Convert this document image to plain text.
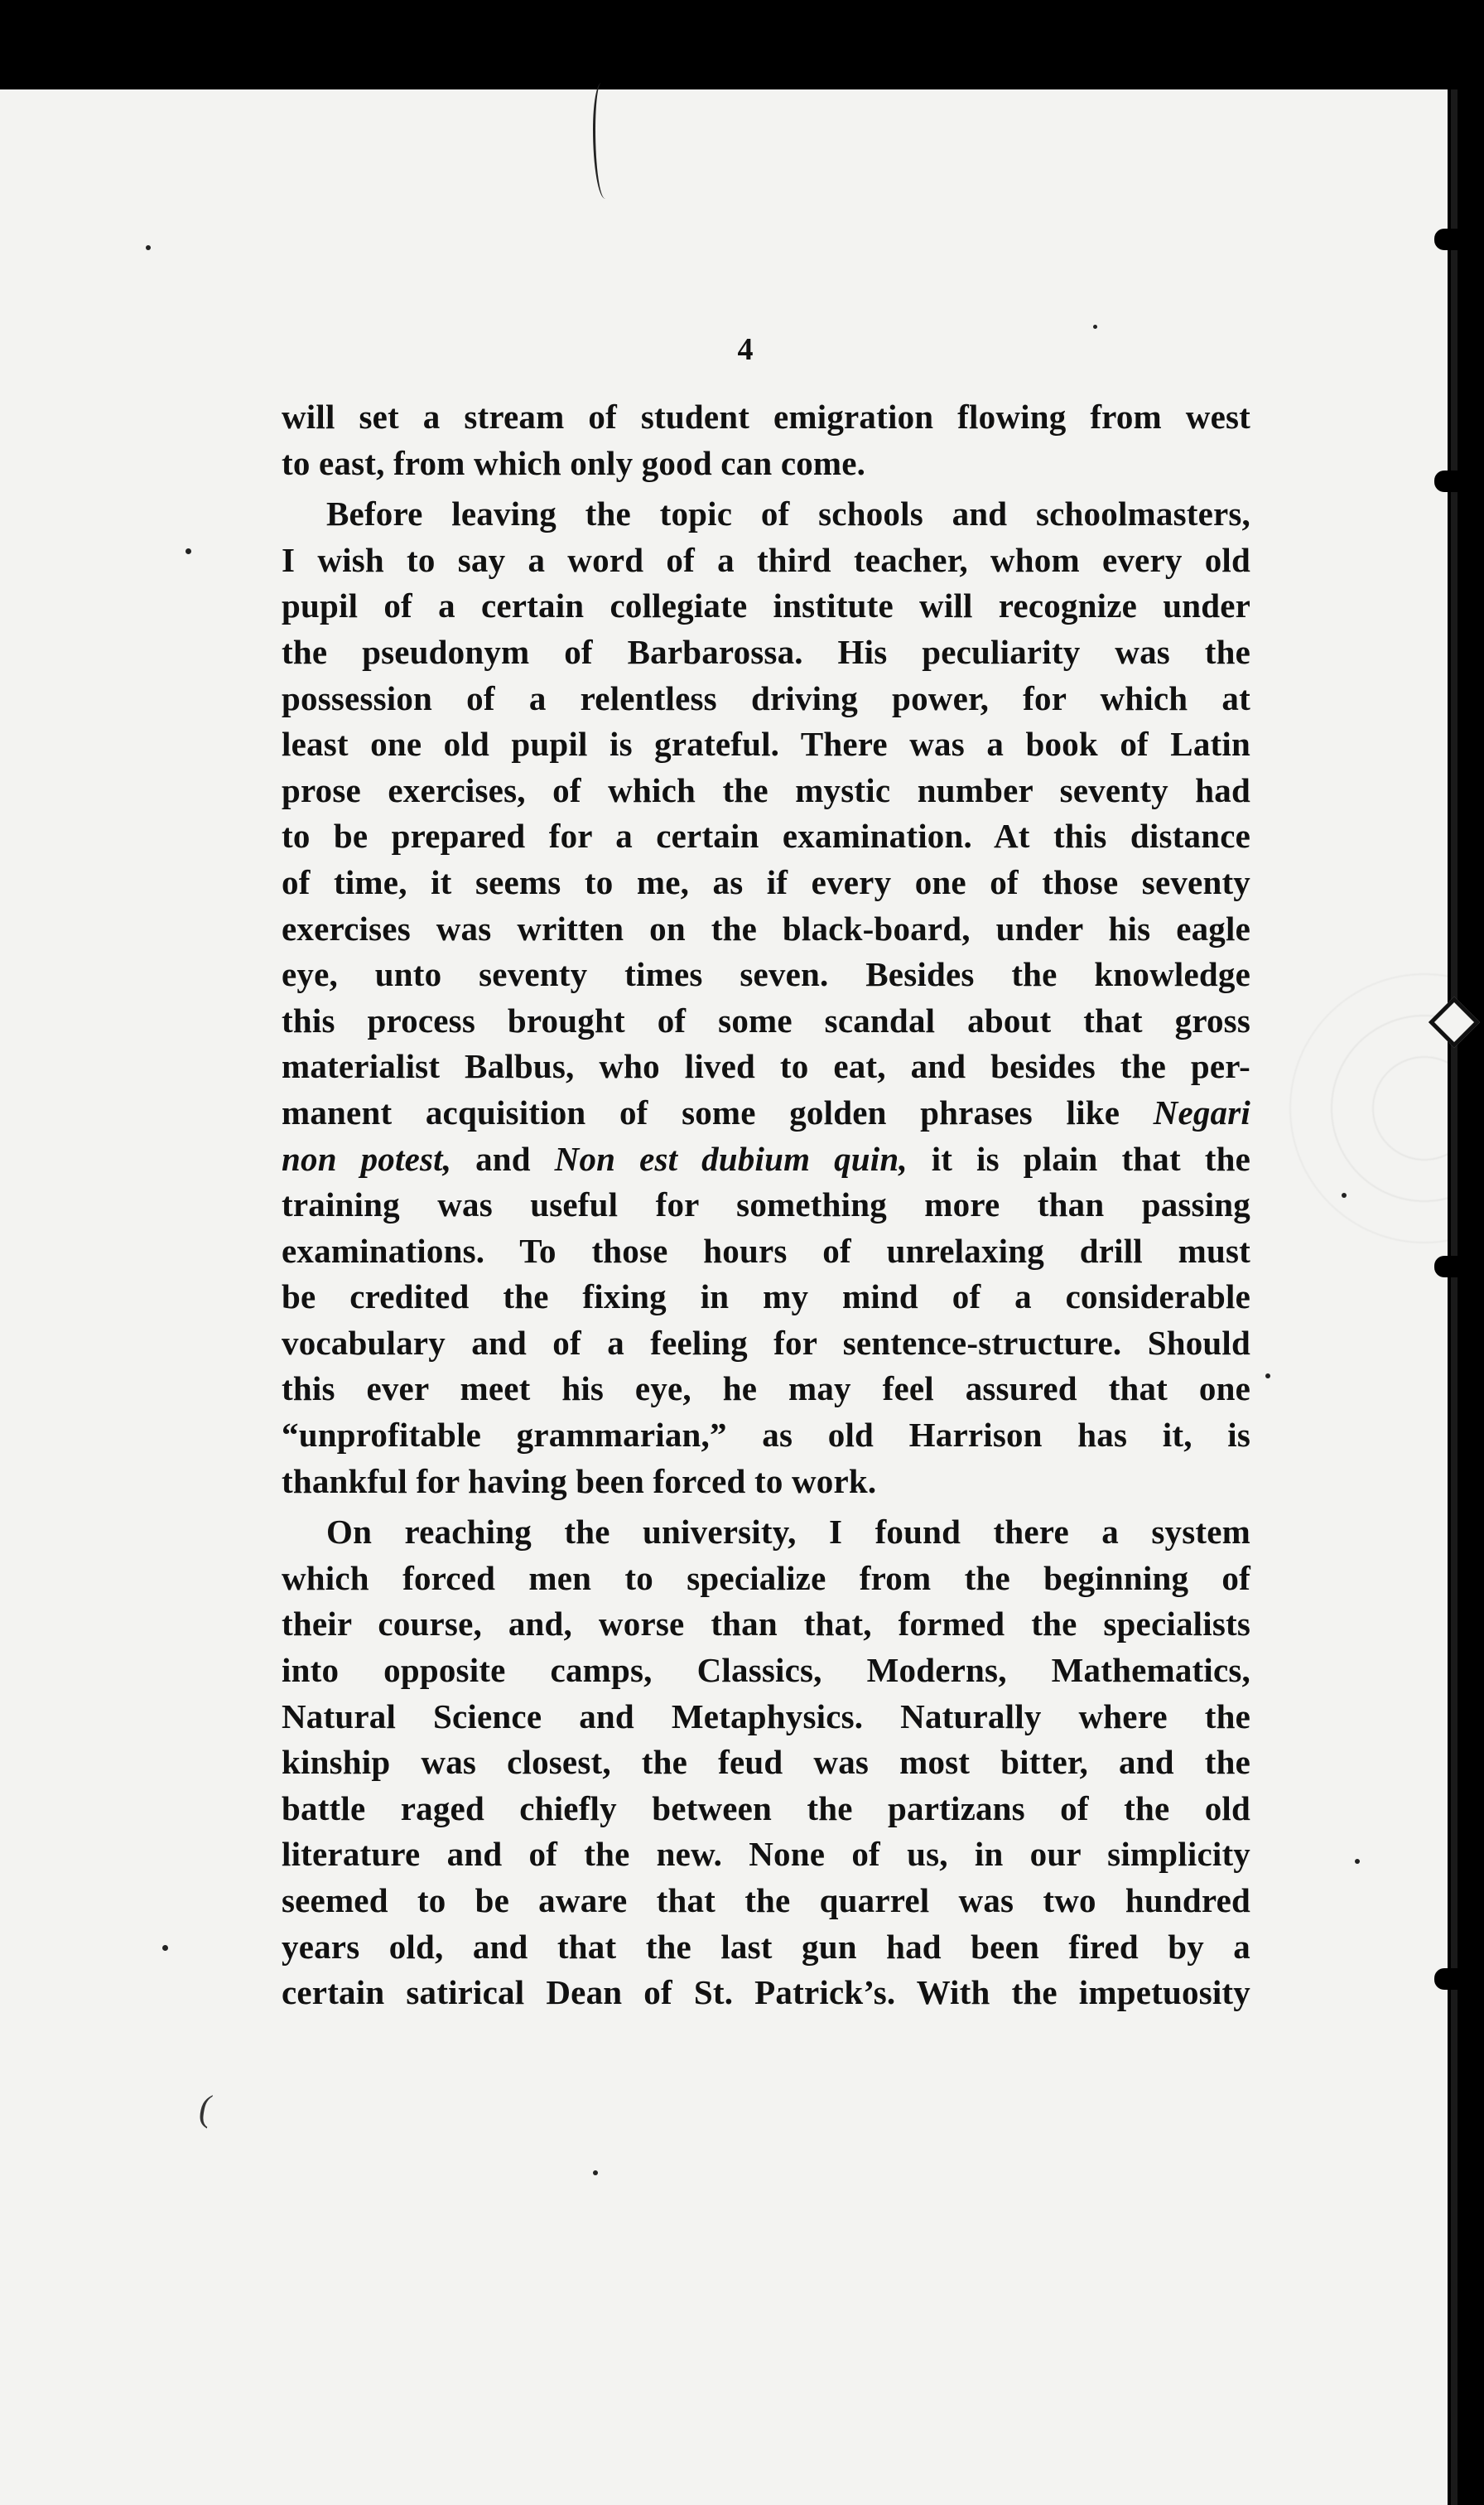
4

will set a stream of student emigration flowing from west
to east, from which only good can come.

Before leaving the topic of schools and schoolmasters,
I wish to say a word of a third teacher, whom every old
pupil of a certain collegiate institute will recognize under
the pseudonym of Barbarossa. His peculiarity was the
possession of a relentless driving power, for which at
least one old pupil is grateful. There was a book of Latin
prose exercises, of which the mystic number seventy had
to be prepared for a certain examination. At this distance
of time, it seems to me, as if every one of those seventy
exercises was written on the black-board, under his eagle
eye, unto seventy times seven. Besides the knowledge
this process brought of some scandal about that gross
materialist Balbus, who lived to eat, and besides the per-
manent acquisition of some golden phrases like Negari
non potest, and Non est dubium quin, it is plain that the
training was useful for something more than passing
examinations. To those hours of unrelaxing drill must
be credited the fixing in my mind of a considerable
vocabulary and of a feeling for sentence-structure. Should
this ever meet his eye, he may feel assured that one
“unprofitable grammarian,” as old Harrison has it, is
thankful for having been forced to work.

On reaching the university, I found there a system
which forced men to specialize from the beginning of
their course, and, worse than that, formed the specialists
into opposite camps, Classics, Moderns, Mathematics,
Natural Science and Metaphysics. Naturally where the
kinship was closest, the feud was most bitter, and the
battle raged chiefly between the partizans of the old
literature and of the new. None of us, in our simplicity
seemed to be aware that the quarrel was two hundred
years old, and that the last gun had been fired by a
certain satirical Dean of St. Patrick’s. With the impetuosity

(
